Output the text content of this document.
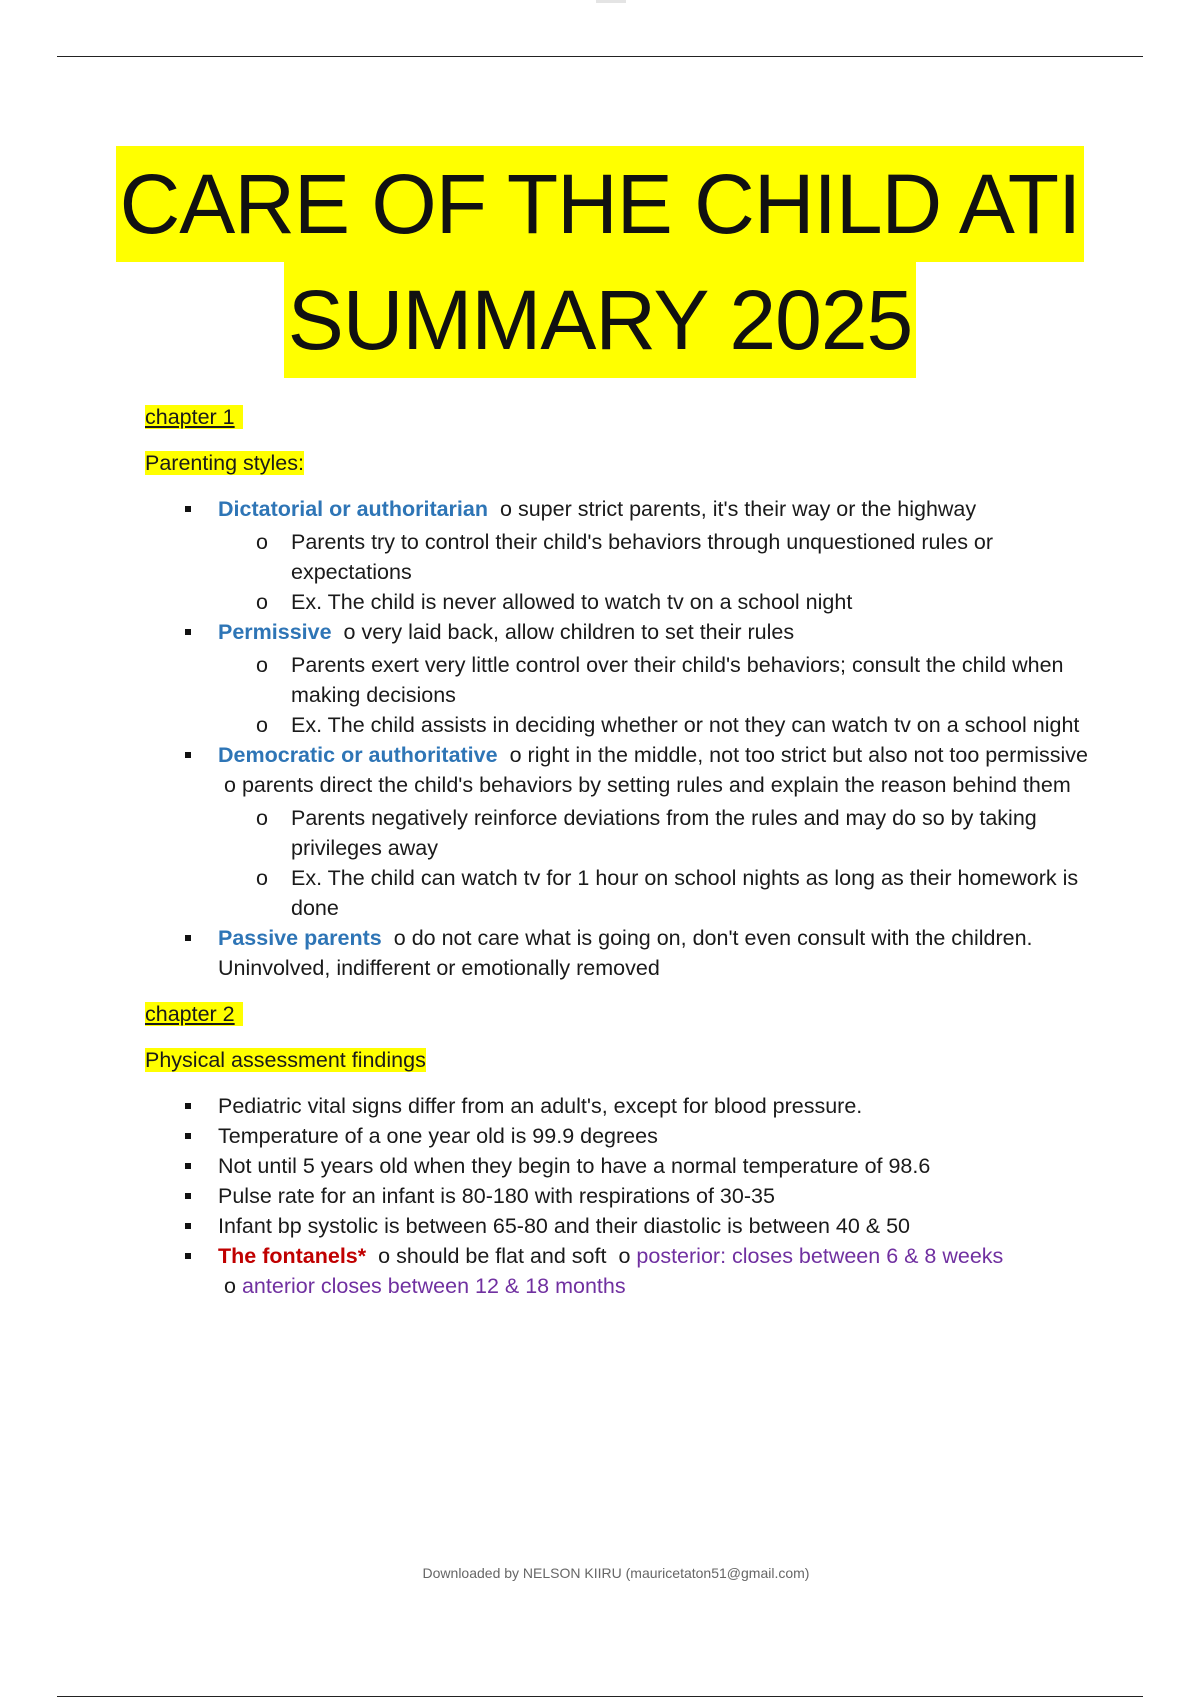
CARE OF THE CHILD ATI
SUMMARY 2025
chapter 1
Parenting styles:
Dictatorial or authoritarian o super strict parents, it's their way or the highway
o Parents try to control their child's behaviors through unquestioned rules or expectations
o Ex. The child is never allowed to watch tv on a school night
Permissive o very laid back, allow children to set their rules
o Parents exert very little control over their child's behaviors; consult the child when making decisions
o Ex. The child assists in deciding whether or not they can watch tv on a school night
Democratic or authoritative o right in the middle, not too strict but also not too permissive o parents direct the child's behaviors by setting rules and explain the reason behind them
o Parents negatively reinforce deviations from the rules and may do so by taking privileges away
o Ex. The child can watch tv for 1 hour on school nights as long as their homework is done
Passive parents o do not care what is going on, don't even consult with the children. Uninvolved, indifferent or emotionally removed
chapter 2
Physical assessment findings
Pediatric vital signs differ from an adult's, except for blood pressure.
Temperature of a one year old is 99.9 degrees
Not until 5 years old when they begin to have a normal temperature of 98.6
Pulse rate for an infant is 80-180 with respirations of 30-35
Infant bp systolic is between 65-80 and their diastolic is between 40 & 50
The fontanels* o should be flat and soft o posterior: closes between 6 & 8 weeks o anterior closes between 12 & 18 months
Downloaded by NELSON KIIRU (mauricetaton51@gmail.com)
